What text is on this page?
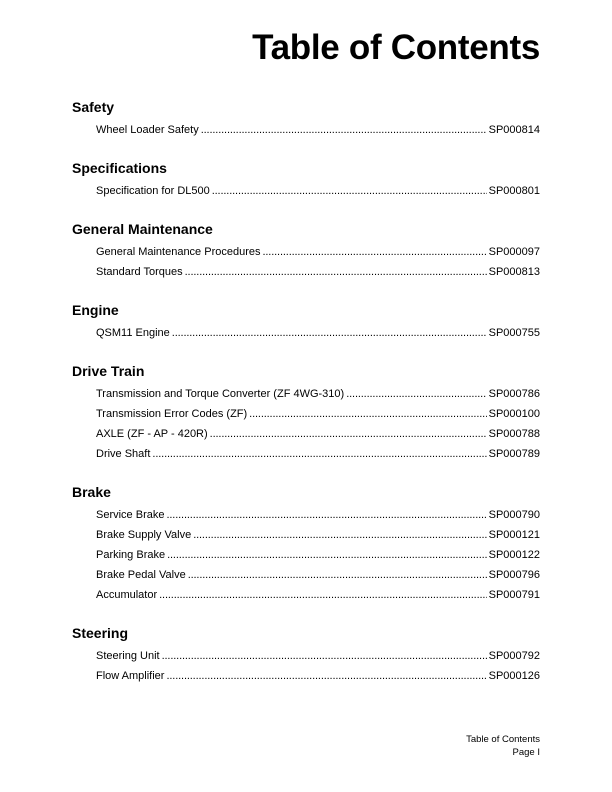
Table of Contents
Safety
Wheel Loader Safety . . .	SP000814
Specifications
Specification for DL500 . . .	SP000801
General Maintenance
General Maintenance Procedures . . .	SP000097
Standard Torques . . .	SP000813
Engine
QSM11 Engine . . .	SP000755
Drive Train
Transmission and Torque Converter (ZF 4WG-310) . . .	SP000786
Transmission Error Codes (ZF) . . .	SP000100
AXLE (ZF - AP - 420R) . . .	SP000788
Drive Shaft . . .	SP000789
Brake
Service Brake . . .	SP000790
Brake Supply Valve . . .	SP000121
Parking Brake . . .	SP000122
Brake Pedal Valve . . .	SP000796
Accumulator . . .	SP000791
Steering
Steering Unit . . .	SP000792
Flow Amplifier . . .	SP000126
Table of Contents
Page I
